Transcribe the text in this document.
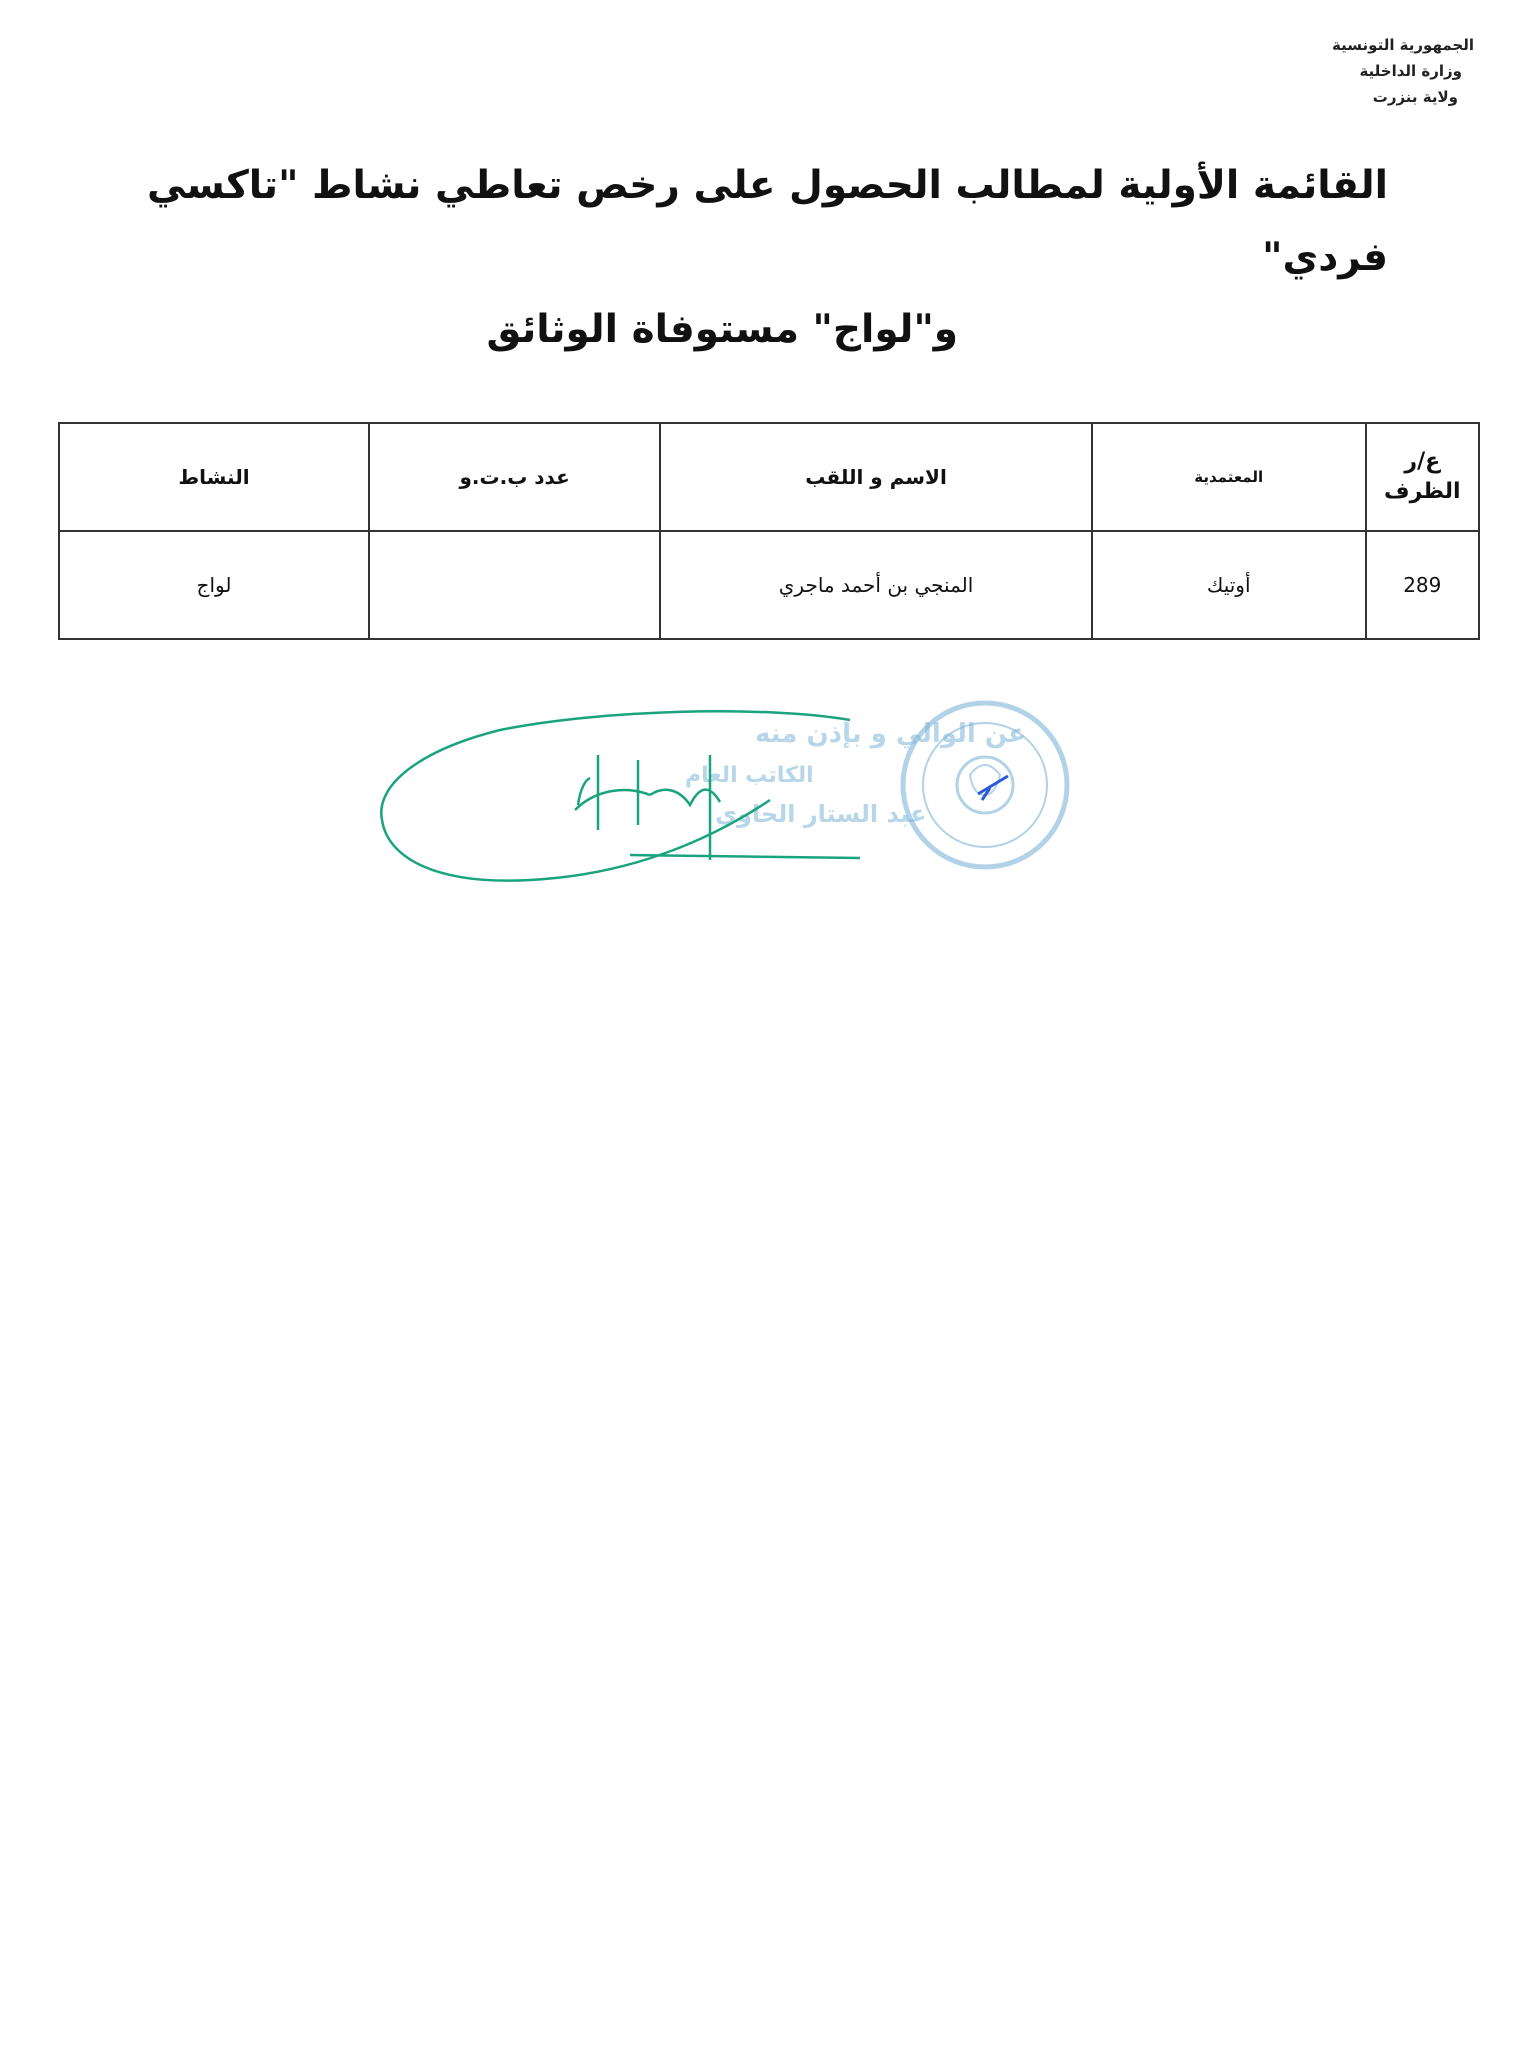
الجمهورية التونسية
وزارة الداخلية
ولاية بنزرت
القائمة الأولية لمطالب الحصول على رخص تعاطي نشاط "تاكسي فردي"
و"لواج" مستوفاة الوثائق
ع/ر
الظرف	المعتمدية	الاسم و اللقب	عدد ب.ت.و	النشاط
289	أوتيك	المنجي بن أحمد ماجري		لواج
عن الوالي و بإذن منه
الكاتب العام
عبد الستار الحاوي
